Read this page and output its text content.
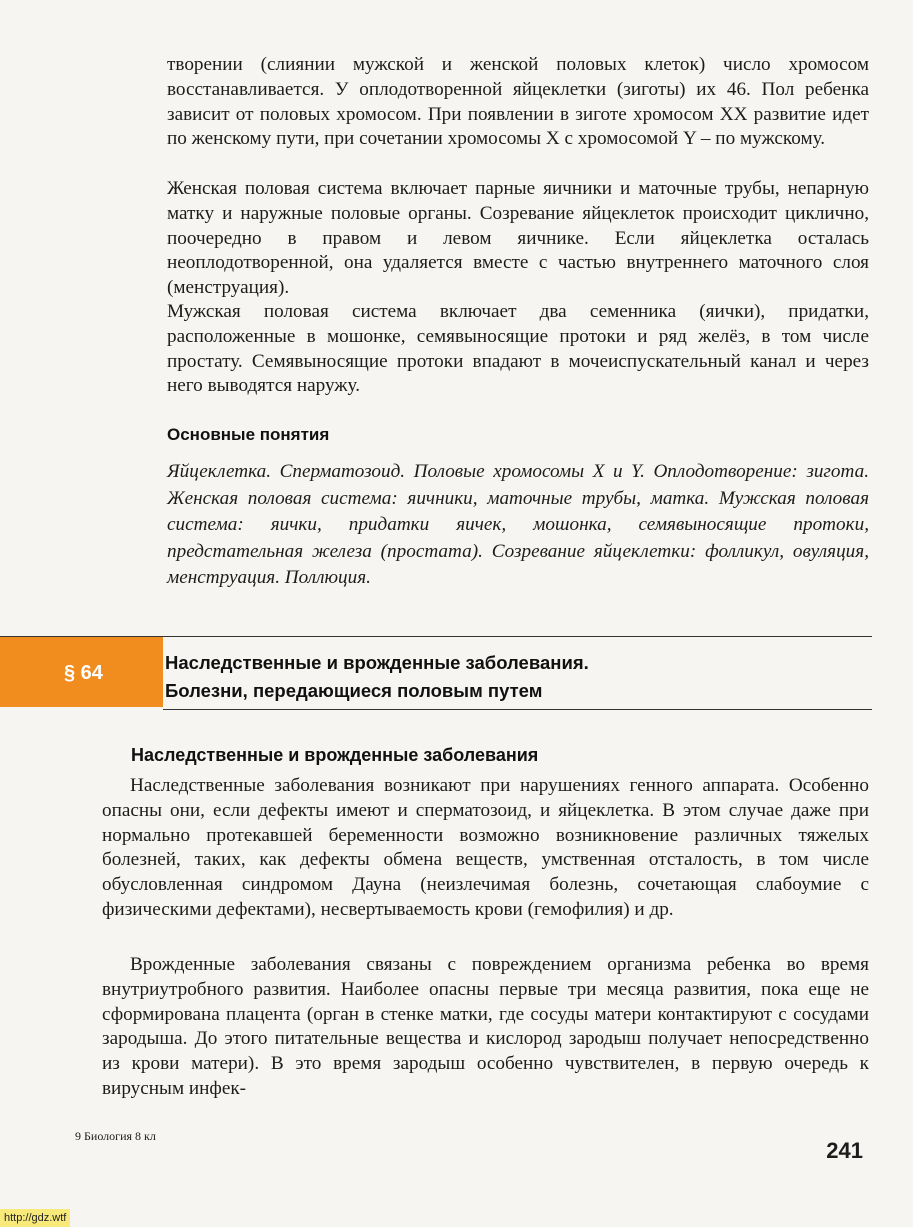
творении (слиянии мужской и женской половых клеток) число хромосом восстанавливается. У оплодотворенной яйцеклетки (зиготы) их 46. Пол ребенка зависит от половых хромосом. При появлении в зиготе хромосом XX развитие идет по женскому пути, при сочетании хромосомы X с хромосомой Y – по мужскому.

Женская половая система включает парные яичники и маточные трубы, непарную матку и наружные половые органы. Созревание яйцеклеток происходит циклично, поочередно в правом и левом яичнике. Если яйцеклетка осталась неоплодотворенной, она удаляется вместе с частью внутреннего маточного слоя (менструация).

Мужская половая система включает два семенника (яички), придатки, расположенные в мошонке, семявыносящие протоки и ряд желёз, в том числе простату. Семявыносящие протоки впадают в мочеиспускательный канал и через него выводятся наружу.

Основные понятия

Яйцеклетка. Сперматозоид. Половые хромосомы X и Y. Оплодотворение: зигота. Женская половая система: яичники, маточные трубы, матка. Мужская половая система: яички, придатки яичек, мошонка, семявыносящие протоки, предстательная железа (простата). Созревание яйцеклетки: фолликул, овуляция, менструация. Поллюция.

§ 64	Наследственные и врожденные заболевания.
Болезни, передающиеся половым путем
Наследственные и врожденные заболевания

Наследственные заболевания возникают при нарушениях генного аппарата. Особенно опасны они, если дефекты имеют и сперматозоид, и яйцеклетка. В этом случае даже при нормально протекавшей беременности возможно возникновение различных тяжелых болезней, таких, как дефекты обмена веществ, умственная отсталость, в том числе обусловленная синдромом Дауна (неизлечимая болезнь, сочетающая слабоумие с физическими дефектами), несвертываемость крови (гемофилия) и др.

Врожденные заболевания связаны с повреждением организма ребенка во время внутриутробного развития. Наиболее опасны первые три месяца развития, пока еще не сформирована плацента (орган в стенке матки, где сосуды матери контактируют с сосудами зародыша. До этого питательные вещества и кислород зародыш получает непосредственно из крови матери). В это время зародыш особенно чувствителен, в первую очередь к вирусным инфек-

9 Биология 8 кл
241
http://gdz.wtf
